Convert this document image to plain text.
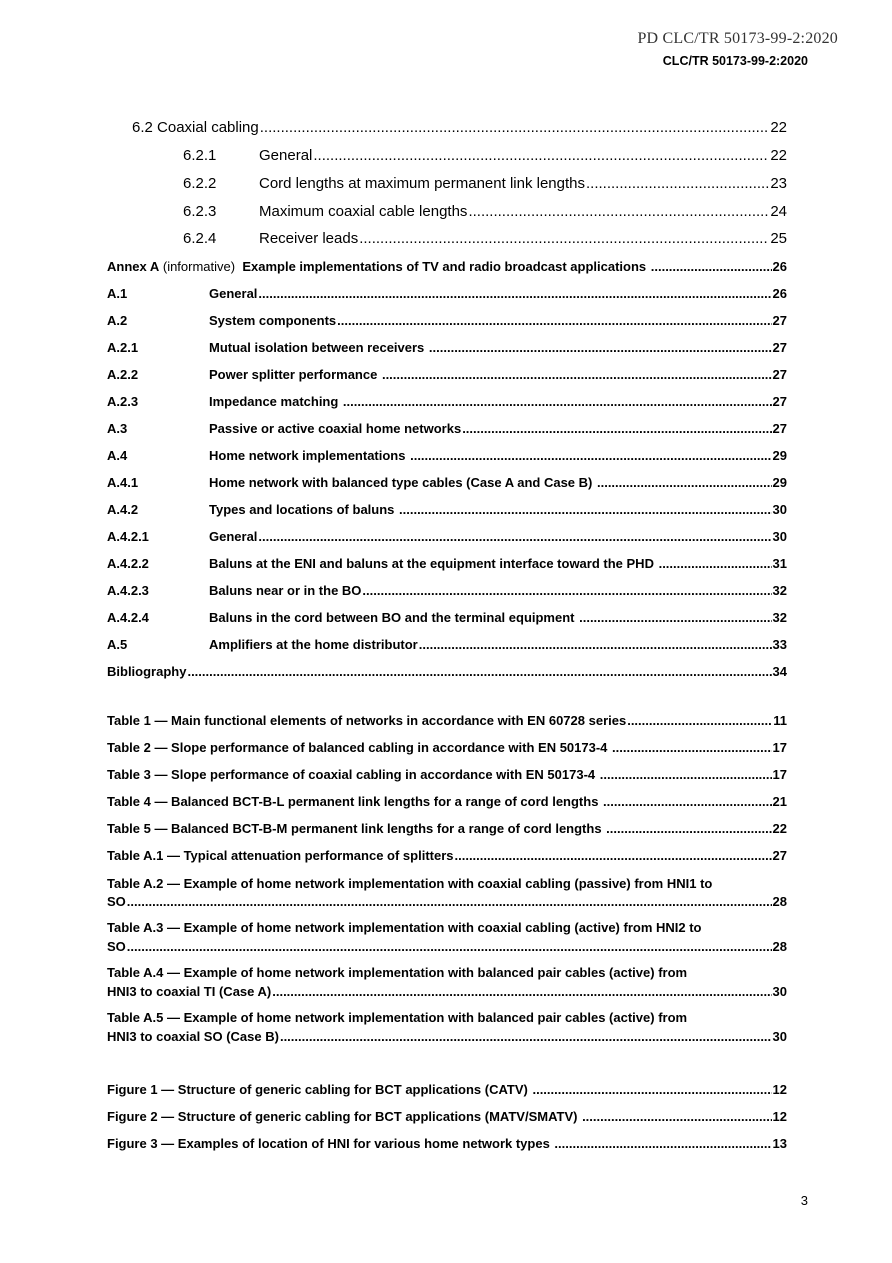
PD CLC/TR 50173-99-2:2020
CLC/TR 50173-99-2:2020
6.2 Coaxial cabling .....	22
6.2.1	General .....	22
6.2.2	Cord lengths at maximum permanent link lengths .....	23
6.2.3	Maximum coaxial cable lengths .....	24
6.2.4	Receiver leads .....	25
Annex A (informative) Example implementations of TV and radio broadcast applications .....	26
A.1	General .....	26
A.2	System components .....	27
A.2.1	Mutual isolation between receivers .....	27
A.2.2	Power splitter performance .....	27
A.2.3	Impedance matching .....	27
A.3	Passive or active coaxial home networks .....	27
A.4	Home network implementations .....	29
A.4.1	Home network with balanced type cables (Case A and Case B) .....	29
A.4.2	Types and locations of baluns .....	30
A.4.2.1	General .....	30
A.4.2.2	Baluns at the ENI and baluns at the equipment interface toward the PHD .....	31
A.4.2.3	Baluns near or in the BO .....	32
A.4.2.4	Baluns in the cord between BO and the terminal equipment .....	32
A.5	Amplifiers at the home distributor .....	33
Bibliography .....	34
Table 1 — Main functional elements of networks in accordance with EN 60728 series .....	11
Table 2 — Slope performance of balanced cabling in accordance with EN 50173-4 .....	17
Table 3 — Slope performance of coaxial cabling in accordance with EN 50173-4 .....	17
Table 4 — Balanced BCT-B-L permanent link lengths for a range of cord lengths .....	21
Table 5 — Balanced BCT-B-M permanent link lengths for a range of cord lengths .....	22
Table A.1 — Typical attenuation performance of splitters .....	27
Table A.2 — Example of home network implementation with coaxial cabling (passive) from HNI1 to
SO .....	28
Table A.3 — Example of home network implementation with coaxial cabling (active) from HNI2 to
SO .....	28
Table A.4 — Example of home network implementation with balanced pair cables (active) from
HNI3 to coaxial TI (Case A) .....	30
Table A.5 — Example of home network implementation with balanced pair cables (active) from
HNI3 to coaxial SO (Case B) .....	30
Figure 1 — Structure of generic cabling for BCT applications (CATV) .....	12
Figure 2 — Structure of generic cabling for BCT applications (MATV/SMATV) .....	12
Figure 3 — Examples of location of HNI for various home network types .....	13
3
